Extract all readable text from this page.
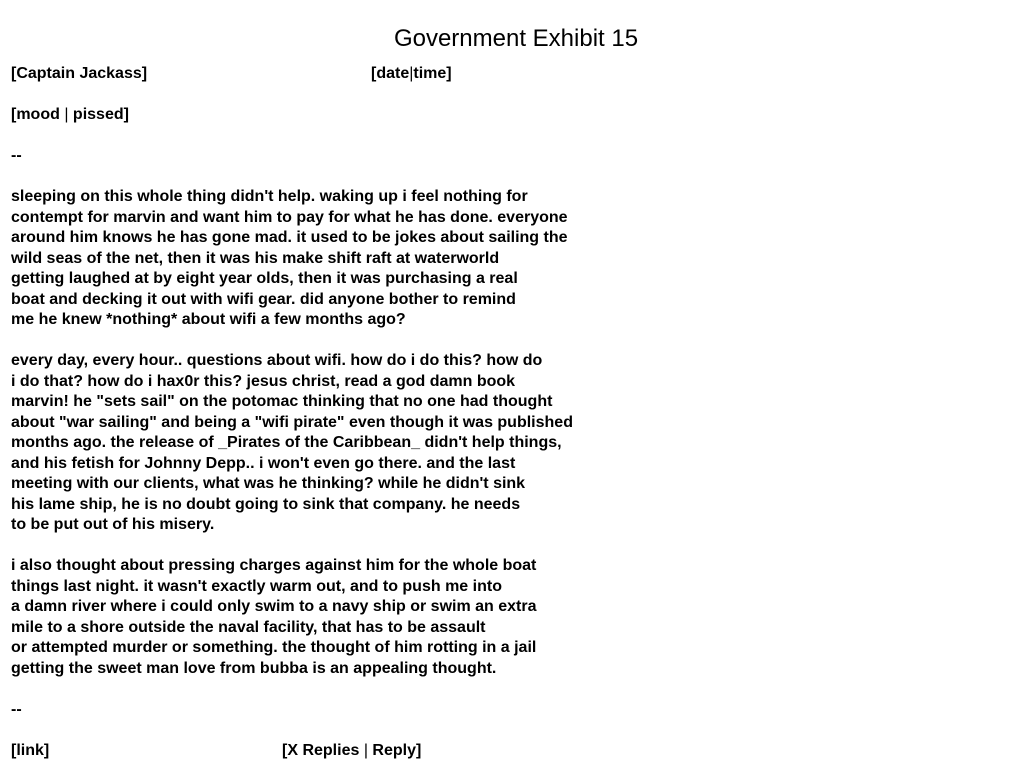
Government Exhibit 15
[Captain Jackass]	[date|time]
[mood | pissed]
--
sleeping on this whole thing didn't help. waking up i feel nothing for
contempt for marvin and want him to pay for what he has done. everyone
around him knows he has gone mad. it used to be jokes about sailing the
wild seas of the net, then it was his make shift raft at waterworld
getting laughed at by eight year olds, then it was purchasing a real
boat and decking it out with wifi gear. did anyone bother to remind
me he knew *nothing* about wifi a few months ago?
every day, every hour.. questions about wifi. how do i do this? how do
i do that? how do i hax0r this? jesus christ, read a god damn book
marvin! he "sets sail" on the potomac thinking that no one had thought
about "war sailing" and being a "wifi pirate" even though it was published
months ago. the release of _Pirates of the Caribbean_ didn't help things,
and his fetish for Johnny Depp.. i won't even go there. and the last
meeting with our clients, what was he thinking? while he didn't sink
his lame ship, he is no doubt going to sink that company. he needs
to be put out of his misery.
i also thought about pressing charges against him for the whole boat
things last night. it wasn't exactly warm out, and to push me into
a damn river where i could only swim to a navy ship or swim an extra
mile to a shore outside the naval facility, that has to be assault
or attempted murder or something. the thought of him rotting in a jail
getting the sweet man love from bubba is an appealing thought.
--
[link]	[X Replies | Reply]
